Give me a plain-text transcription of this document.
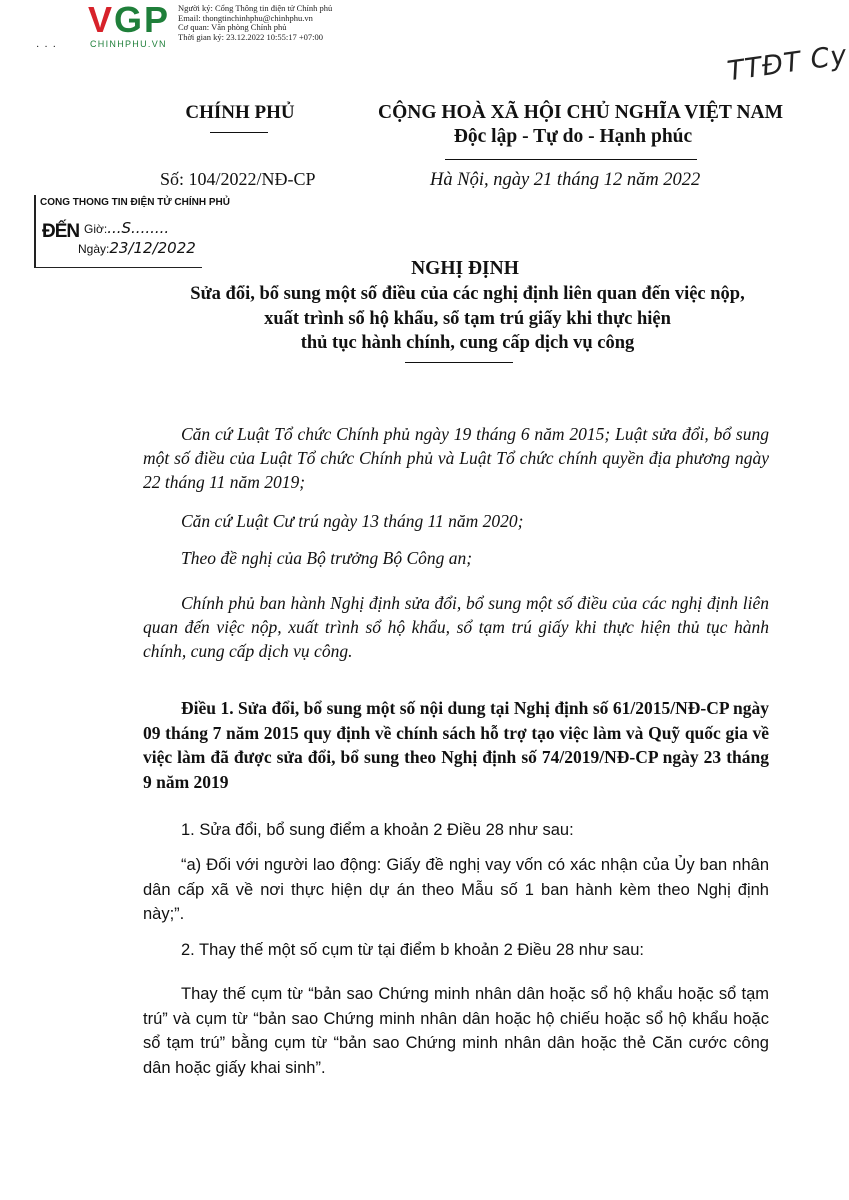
VGP
CHINHPHU.VN
Người ký: Cổng Thông tin điện tử Chính phủ
Email: thongtinchinhphu@chinhphu.vn
Cơ quan: Văn phòng Chính phủ
Thời gian ký: 23.12.2022 10:55:17 +07:00
TTĐT Cy
·  ·  ·
CHÍNH PHỦ
Số: 104/2022/NĐ-CP
CỘNG HOÀ XÃ HỘI CHỦ NGHĨA VIỆT NAM
Độc lập - Tự do - Hạnh phúc
Hà Nội, ngày 21 tháng 12 năm 2022
CONG THONG TIN ĐIỆN TỬ CHÍNH PHỦ
ĐẾN Giờ:...S........
Ngày:23/12/2022
NGHỊ ĐỊNH
Sửa đổi, bổ sung một số điều của các nghị định liên quan đến việc nộp,
xuất trình sổ hộ khẩu, sổ tạm trú giấy khi thực hiện
thủ tục hành chính, cung cấp dịch vụ công
Căn cứ Luật Tổ chức Chính phủ ngày 19 tháng 6 năm 2015; Luật sửa đổi, bổ sung một số điều của Luật Tổ chức Chính phủ và Luật Tổ chức chính quyền địa phương ngày 22 tháng 11 năm 2019;
Căn cứ Luật Cư trú ngày 13 tháng 11 năm 2020;
Theo đề nghị của Bộ trưởng Bộ Công an;
Chính phủ ban hành Nghị định sửa đổi, bổ sung một số điều của các nghị định liên quan đến việc nộp, xuất trình sổ hộ khẩu, sổ tạm trú giấy khi thực hiện thủ tục hành chính, cung cấp dịch vụ công.
Điều 1. Sửa đổi, bổ sung một số nội dung tại Nghị định số 61/2015/NĐ-CP ngày 09 tháng 7 năm 2015 quy định về chính sách hỗ trợ tạo việc làm và Quỹ quốc gia về việc làm đã được sửa đổi, bổ sung theo Nghị định số 74/2019/NĐ-CP ngày 23 tháng 9 năm 2019
1. Sửa đổi, bổ sung điểm a khoản 2 Điều 28 như sau:
“a) Đối với người lao động: Giấy đề nghị vay vốn có xác nhận của Ủy ban nhân dân cấp xã về nơi thực hiện dự án theo Mẫu số 1 ban hành kèm theo Nghị định này;”.
2. Thay thế một số cụm từ tại điểm b khoản 2 Điều 28 như sau:
Thay thế cụm từ “bản sao Chứng minh nhân dân hoặc sổ hộ khẩu hoặc sổ tạm trú” và cụm từ “bản sao Chứng minh nhân dân hoặc hộ chiếu hoặc sổ hộ khẩu hoặc sổ tạm trú” bằng cụm từ “bản sao Chứng minh nhân dân hoặc thẻ Căn cước công dân hoặc giấy khai sinh”.
